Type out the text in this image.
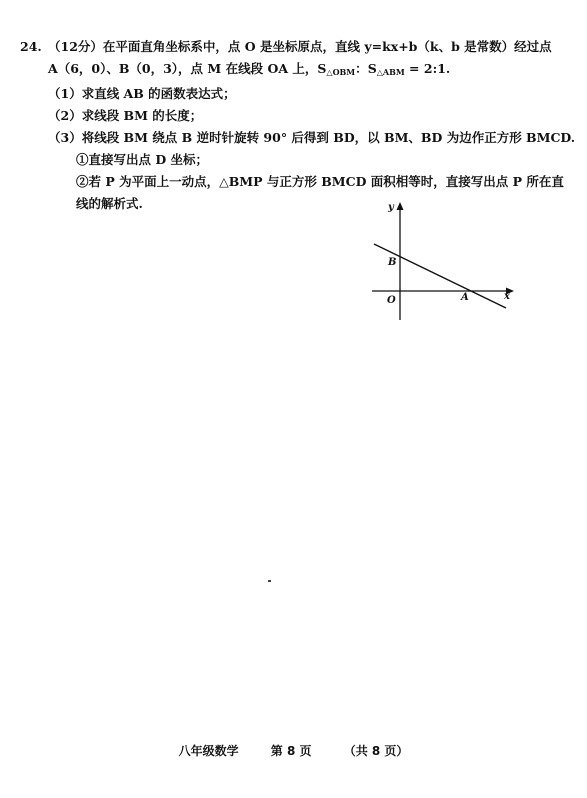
24. （12分）在平面直角坐标系中，点 O 是坐标原点，直线 y=kx+b（k、b 是常数）经过点
A（6，0）、B（0，3），点 M 在线段 OA 上，$S_{\triangle OBM}$：$S_{\triangle ABM}$ = 2:1.
（1）求直线 AB 的函数表达式；
（2）求线段 BM 的长度；
（3）将线段 BM 绕点 B 逆时针旋转 90° 后得到 BD，以 BM、BD 为边作正方形 BMCD.
①直接写出点 D 坐标；
②若 P 为平面上一动点，△BMP 与正方形 BMCD 面积相等时，直接写出点 P 所在直
线的解析式.	y
x
O
B
A
八年级数学	第 8 页	（共 8 页）
